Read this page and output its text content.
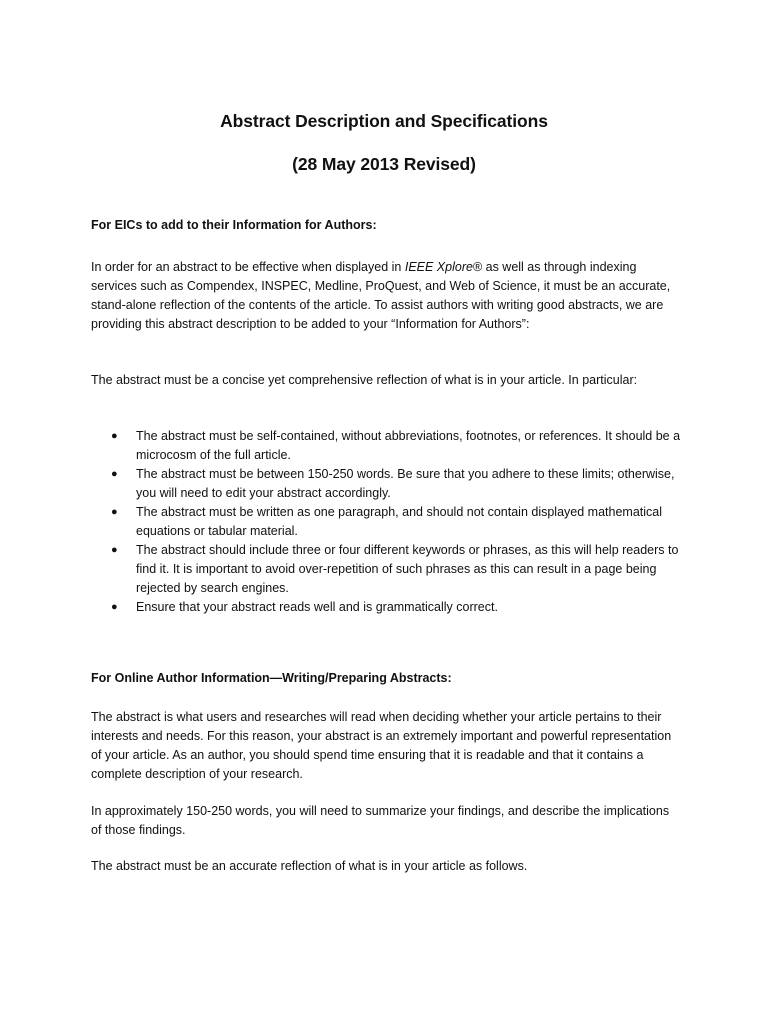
Abstract Description and Specifications
(28 May 2013 Revised)
For EICs to add to their Information for Authors:

In order for an abstract to be effective when displayed in IEEE Xplore® as well as through indexing services such as Compendex, INSPEC, Medline, ProQuest, and Web of Science, it must be an accurate, stand-alone reflection of the contents of the article. To assist authors with writing good abstracts, we are providing this abstract description to be added to your “Information for Authors”:

The abstract must be a concise yet comprehensive reflection of what is in your article. In particular:

● The abstract must be self-contained, without abbreviations, footnotes, or references. It should be a microcosm of the full article.
● The abstract must be between 150-250 words. Be sure that you adhere to these limits; otherwise, you will need to edit your abstract accordingly.
● The abstract must be written as one paragraph, and should not contain displayed mathematical equations or tabular material.
● The abstract should include three or four different keywords or phrases, as this will help readers to find it. It is important to avoid over-repetition of such phrases as this can result in a page being rejected by search engines.
● Ensure that your abstract reads well and is grammatically correct.
For Online Author Information—Writing/Preparing Abstracts:

The abstract is what users and researches will read when deciding whether your article pertains to their interests and needs. For this reason, your abstract is an extremely important and powerful representation of your article. As an author, you should spend time ensuring that it is readable and that it contains a complete description of your research.

In approximately 150-250 words, you will need to summarize your findings, and describe the implications of those findings.

The abstract must be an accurate reflection of what is in your article as follows.
